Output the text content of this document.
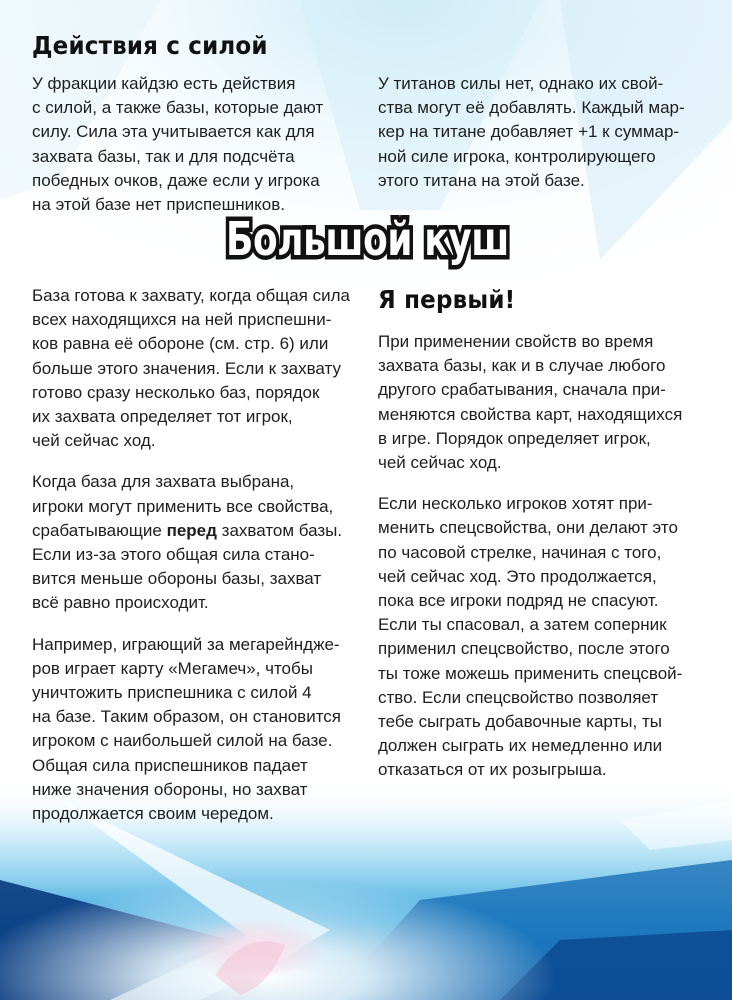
Действия с силой

У фракции кайдзю есть действия
с силой, а также базы, которые дают
силу. Сила эта учитывается как для
захвата базы, так и для подсчёта
победных очков, даже если у игрока
на этой базе нет приспешников.

У титанов силы нет, однако их свой-
ства могут её добавлять. Каждый мар-
кер на титане добавляет +1 к суммар-
ной силе игрока, контролирующего
этого титана на этой базе.

Большой куш

База готова к захвату, когда общая сила
всех находящихся на ней приспешни-
ков равна её обороне (см. стр. 6) или
больше этого значения. Если к захвату
готово сразу несколько баз, порядок
их захвата определяет тот игрок,
чей сейчас ход.

Когда база для захвата выбрана,
игроки могут применить все свойства,
срабатывающие перед захватом базы.
Если из-за этого общая сила стано-
вится меньше обороны базы, захват
всё равно происходит.

Например, играющий за мегарейндже-
ров играет карту «Мегамеч», чтобы
уничтожить приспешника с силой 4
на базе. Таким образом, он становится
игроком с наибольшей силой на базе.
Общая сила приспешников падает
ниже значения обороны, но захват
продолжается своим чередом.

Я первый!

При применении свойств во время
захвата базы, как и в случае любого
другого срабатывания, сначала при-
меняются свойства карт, находящихся
в игре. Порядок определяет игрок,
чей сейчас ход.

Если несколько игроков хотят при-
менить спецсвойства, они делают это
по часовой стрелке, начиная с того,
чей сейчас ход. Это продолжается,
пока все игроки подряд не спасуют.
Если ты спасовал, а затем соперник
применил спецсвойство, после этого
ты тоже можешь применить спецсвой-
ство. Если спецсвойство позволяет
тебе сыграть добавочные карты, ты
должен сыграть их немедленно или
отказаться от их розыгрыша.
